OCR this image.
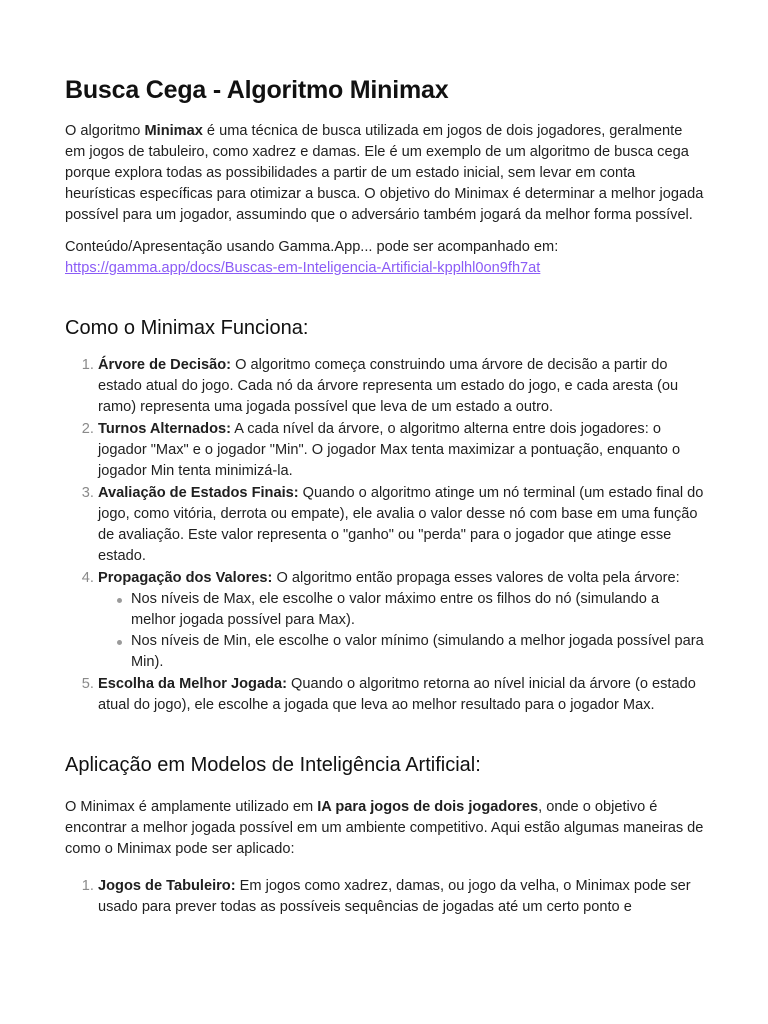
Busca Cega - Algoritmo Minimax

O algoritmo Minimax é uma técnica de busca utilizada em jogos de dois jogadores, geralmente em jogos de tabuleiro, como xadrez e damas. Ele é um exemplo de um algoritmo de busca cega porque explora todas as possibilidades a partir de um estado inicial, sem levar em conta heurísticas específicas para otimizar a busca. O objetivo do Minimax é determinar a melhor jogada possível para um jogador, assumindo que o adversário também jogará da melhor forma possível.

Conteúdo/Apresentação usando Gamma.App... pode ser acompanhado em:
https://gamma.app/docs/Buscas-em-Inteligencia-Artificial-kpplhl0on9fh7at

Como o Minimax Funciona:
1. Árvore de Decisão: O algoritmo começa construindo uma árvore de decisão a partir do estado atual do jogo. Cada nó da árvore representa um estado do jogo, e cada aresta (ou ramo) representa uma jogada possível que leva de um estado a outro.
2. Turnos Alternados: A cada nível da árvore, o algoritmo alterna entre dois jogadores: o jogador "Max" e o jogador "Min". O jogador Max tenta maximizar a pontuação, enquanto o jogador Min tenta minimizá-la.
3. Avaliação de Estados Finais: Quando o algoritmo atinge um nó terminal (um estado final do jogo, como vitória, derrota ou empate), ele avalia o valor desse nó com base em uma função de avaliação. Este valor representa o "ganho" ou "perda" para o jogador que atinge esse estado.
4. Propagação dos Valores: O algoritmo então propaga esses valores de volta pela árvore:
Nos níveis de Max, ele escolhe o valor máximo entre os filhos do nó (simulando a melhor jogada possível para Max).
Nos níveis de Min, ele escolhe o valor mínimo (simulando a melhor jogada possível para Min).
5. Escolha da Melhor Jogada: Quando o algoritmo retorna ao nível inicial da árvore (o estado atual do jogo), ele escolhe a jogada que leva ao melhor resultado para o jogador Max.
Aplicação em Modelos de Inteligência Artificial:

O Minimax é amplamente utilizado em IA para jogos de dois jogadores, onde o objetivo é encontrar a melhor jogada possível em um ambiente competitivo. Aqui estão algumas maneiras de como o Minimax pode ser aplicado:

1. Jogos de Tabuleiro: Em jogos como xadrez, damas, ou jogo da velha, o Minimax pode ser usado para prever todas as possíveis sequências de jogadas até um certo ponto e
